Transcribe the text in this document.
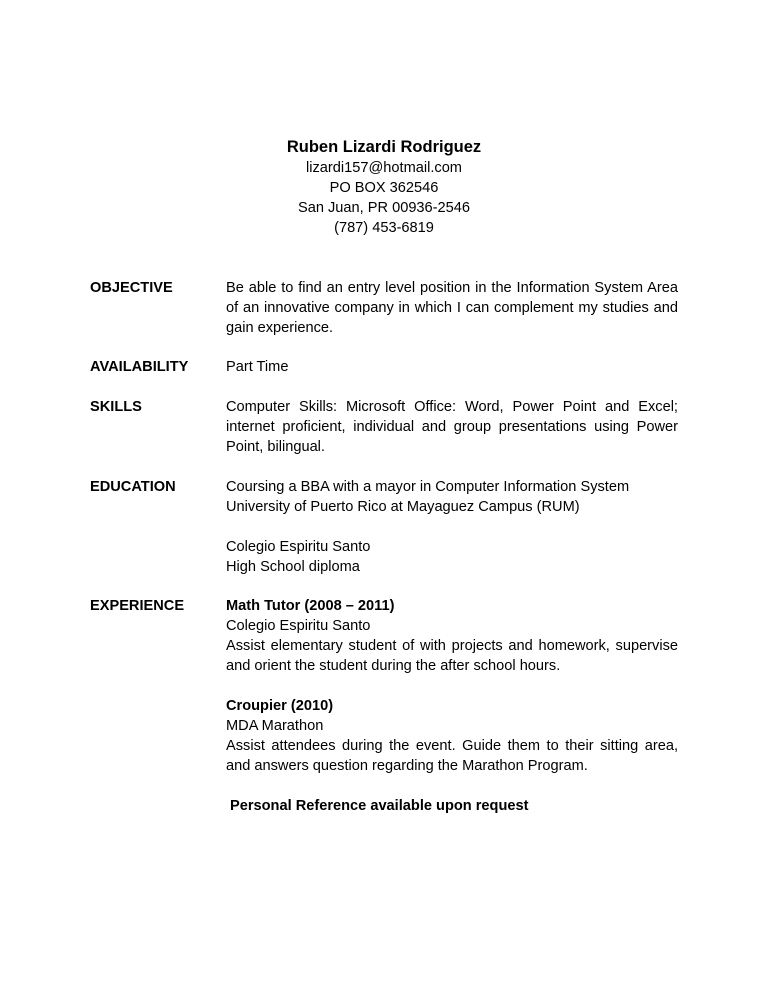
Ruben Lizardi Rodriguez
lizardi157@hotmail.com
PO BOX 362546
San Juan, PR 00936-2546
(787) 453-6819
OBJECTIVE	Be able to find an entry level position in the Information System Area of an innovative company in which I can complement my studies and gain experience.

AVAILABILITY	Part Time

SKILLS	Computer Skills: Microsoft Office: Word, Power Point and Excel; internet proficient, individual and group presentations using Power Point, bilingual.

EDUCATION	Coursing a BBA with a mayor in Computer Information System

University of Puerto Rico at Mayaguez Campus (RUM)

Colegio Espiritu Santo

High School diploma

EXPERIENCE	Math Tutor (2008 – 2011)

Colegio Espiritu Santo

Assist elementary student of with projects and homework, supervise and orient the student during the after school hours.

Croupier (2010)

MDA Marathon

Assist attendees during the event. Guide them to their sitting area, and answers question regarding the Marathon Program.

Personal Reference available upon request
